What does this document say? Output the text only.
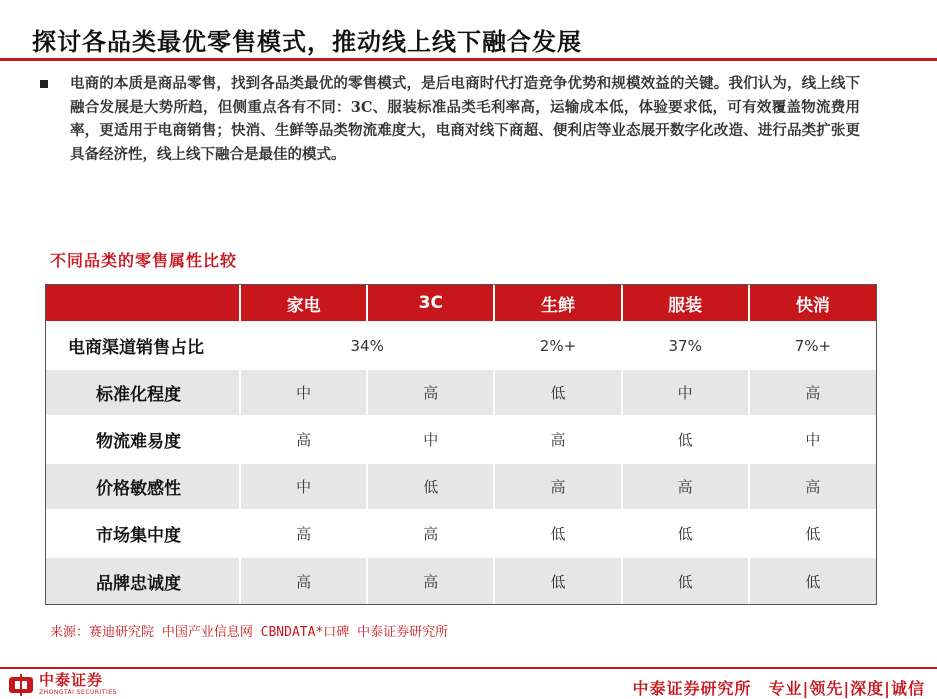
探讨各品类最优零售模式，推动线上线下融合发展
电商的本质是商品零售，找到各品类最优的零售模式，是后电商时代打造竞争优势和规模效益的关键。我们认为，线上线下融合发展是大势所趋，但侧重点各有不同：3C、服装标准品类毛利率高，运输成本低，体验要求低，可有效覆盖物流费用率，更适用于电商销售；快消、生鲜等品类物流难度大，电商对线下商超、便利店等业态展开数字化改造、进行品类扩张更具备经济性，线上线下融合是最佳的模式。
不同品类的零售属性比较
	家电	3C	生鲜	服装	快消
电商渠道销售占比	34%		2%+	37%	7%+
标准化程度	中	高	低	中	高
物流难易度	高	中	高	低	中
价格敏感性	中	低	高	高	高
市场集中度	高	高	低	低	低
品牌忠诚度	高	高	低	低	低
来源：赛迪研究院 中国产业信息网 CBNDATA*口碑 中泰证券研究所
中泰证券
ZHONGTAI SECURITIES	中泰证券研究所　专业|领先|深度|诚信
